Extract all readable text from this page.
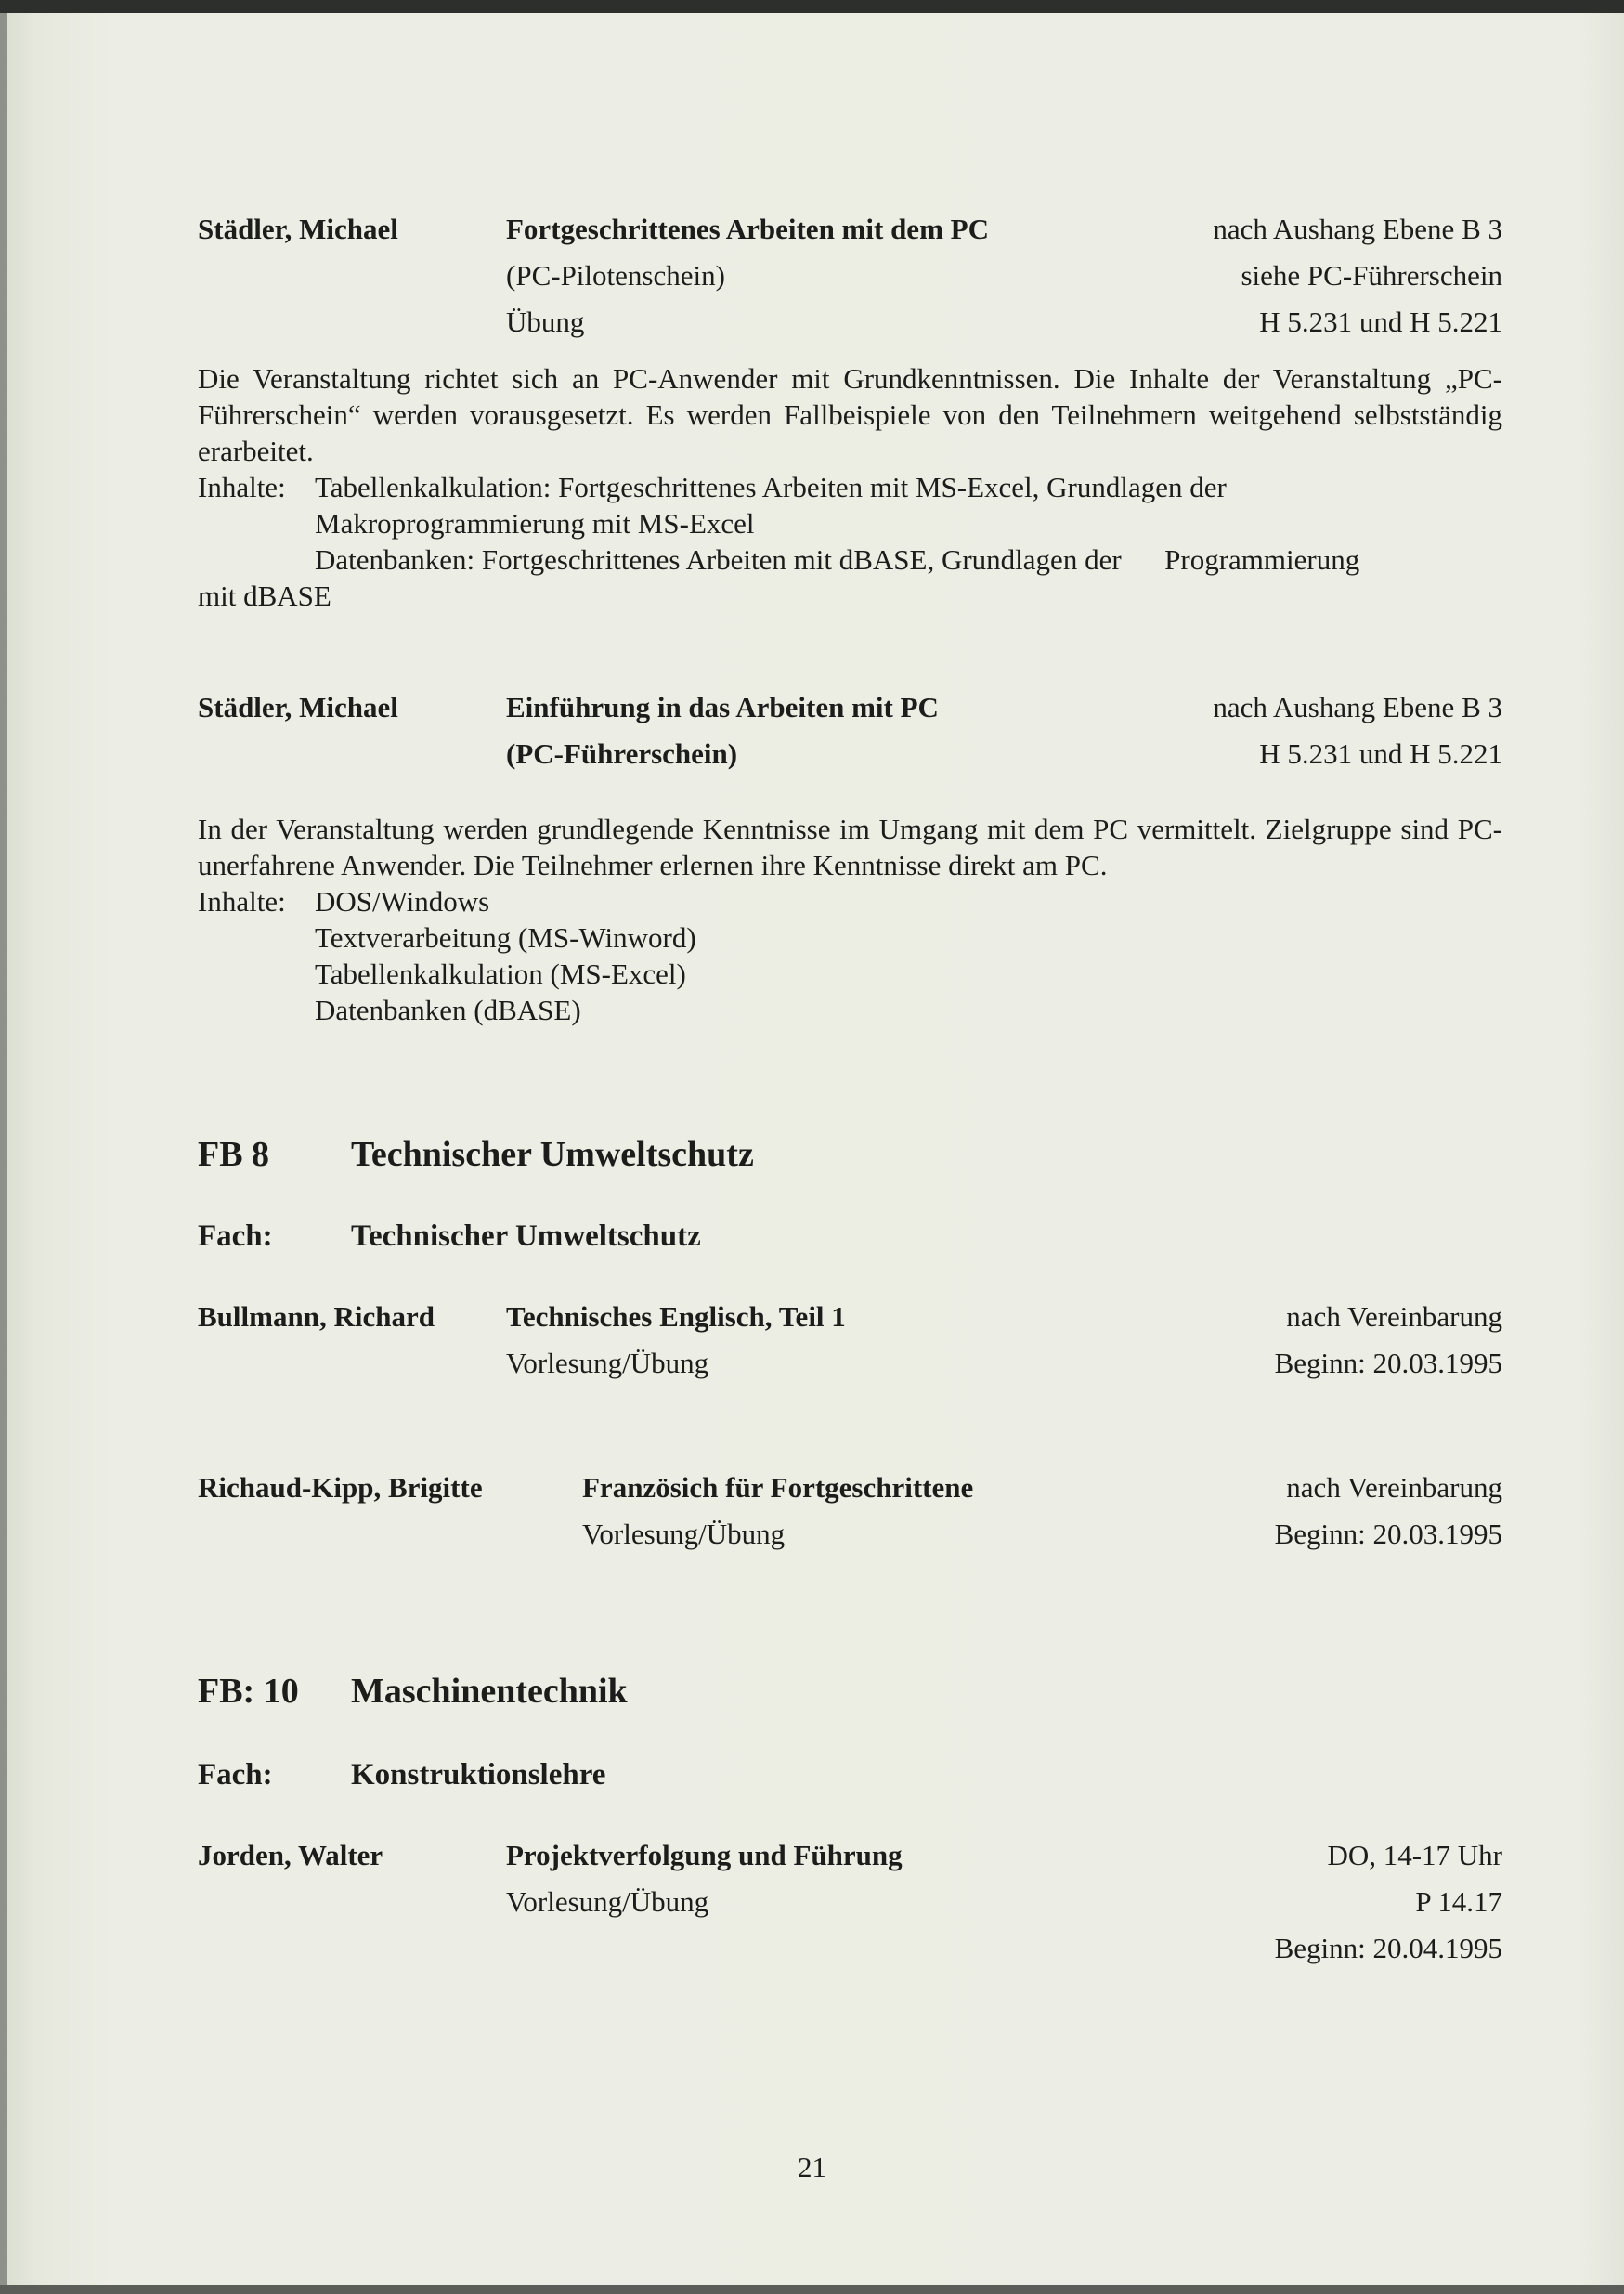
Städler, Michael	Fortgeschrittenes Arbeiten mit dem PC	nach Aushang Ebene B 3
(PC-Pilotenschein)	siehe PC-Führerschein
Übung	H 5.231 und H 5.221

Die Veranstaltung richtet sich an PC-Anwender mit Grundkenntnissen. Die Inhalte der Veranstaltung „PC-Führerschein“ werden vorausgesetzt. Es werden Fallbeispiele von den Teilnehmern weitgehend selbstständig erarbeitet.

Inhalte: Tabellenkalkulation: Fortgeschrittenes Arbeiten mit MS-Excel, Grundlagen der

Makroprogrammierung mit MS-Excel

Datenbanken: Fortgeschrittenes Arbeiten mit dBASE, Grundlagen der      Programmierung

mit dBASE

Städler, Michael	Einführung in das Arbeiten mit PC	nach Aushang Ebene B 3
(PC-Führerschein)	H 5.231 und H 5.221

In der Veranstaltung werden grundlegende Kenntnisse im Umgang mit dem PC vermittelt. Zielgruppe sind PC-unerfahrene Anwender. Die Teilnehmer erlernen ihre Kenntnisse direkt am PC.

Inhalte: DOS/Windows

Textverarbeitung (MS-Winword)

Tabellenkalkulation (MS-Excel)

Datenbanken (dBASE)

FB 8 Technischer Umweltschutz
Fach:	Technischer Umweltschutz
Bullmann, Richard Technisches Englisch, Teil 1	nach Vereinbarung
Vorlesung/Übung	Beginn: 20.03.1995
Richaud-Kipp, Brigitte	Französich für Fortgeschrittene	nach Vereinbarung
Vorlesung/Übung	Beginn: 20.03.1995
FB: 10 Maschinentechnik
Fach:	Konstruktionslehre
Jorden, Walter	Projektverfolgung und Führung	DO, 14-17 Uhr
Vorlesung/Übung	P 14.17
Beginn: 20.04.1995
21
